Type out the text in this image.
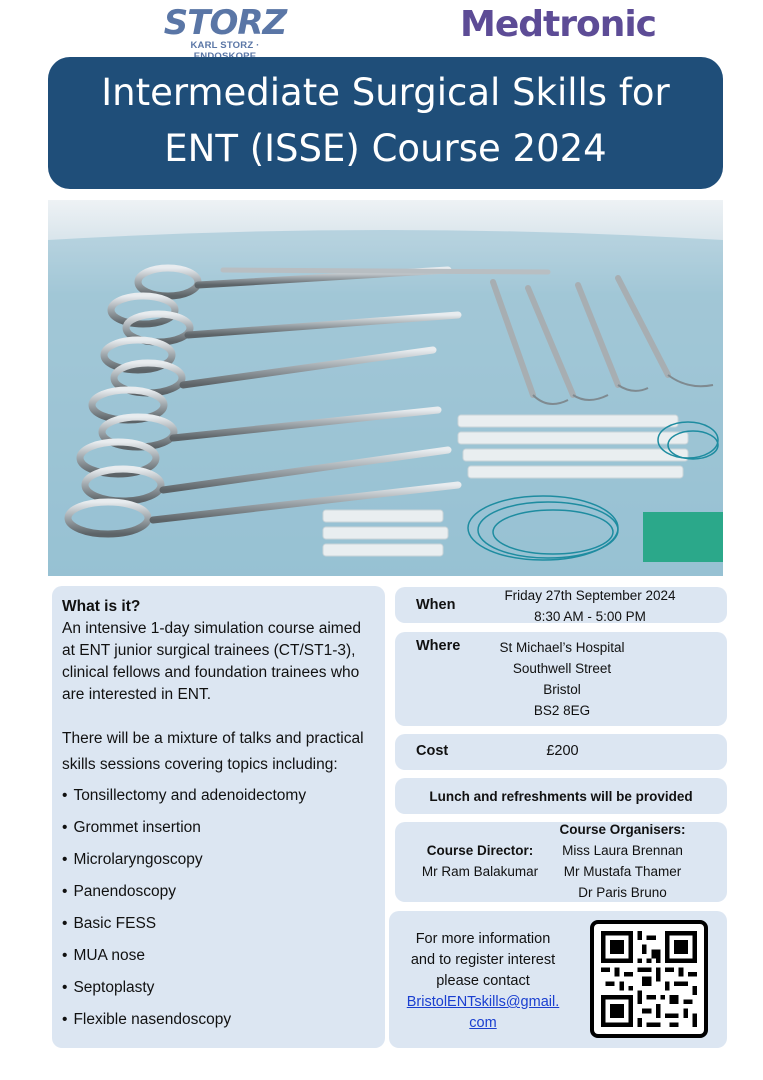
STORZ
KARL STORZ ·
Medtronic
Intermediate Surgical Skills for
ENT (ISSE) Course 2024
What is it?
An intensive 1-day simulation course aimed at ENT junior surgical trainees (CT/ST1-3), clinical fellows and foundation trainees who are interested in ENT.
There will be a mixture of talks and practical skills sessions covering topics including:
• Tonsillectomy and adenoidectomy
• Grommet insertion
• Microlaryngoscopy
• Panendoscopy
• Basic FESS
• MUA nose
• Septoplasty
• Flexible nasendoscopy
When
Friday 27th September 2024
8:30 AM - 5:00 PM
Where	St Michael’s Hospital
Southwell Street
Bristol
BS2 8EG
Cost	£200
Lunch and refreshments will be provided
Course Director:
Mr Ram Balakumar
Course Organisers:
Miss Laura Brennan
Mr Mustafa Thamer
Dr Paris Bruno
For more information
and to register interest
please contact
BristolENTskills@gmail.
com
